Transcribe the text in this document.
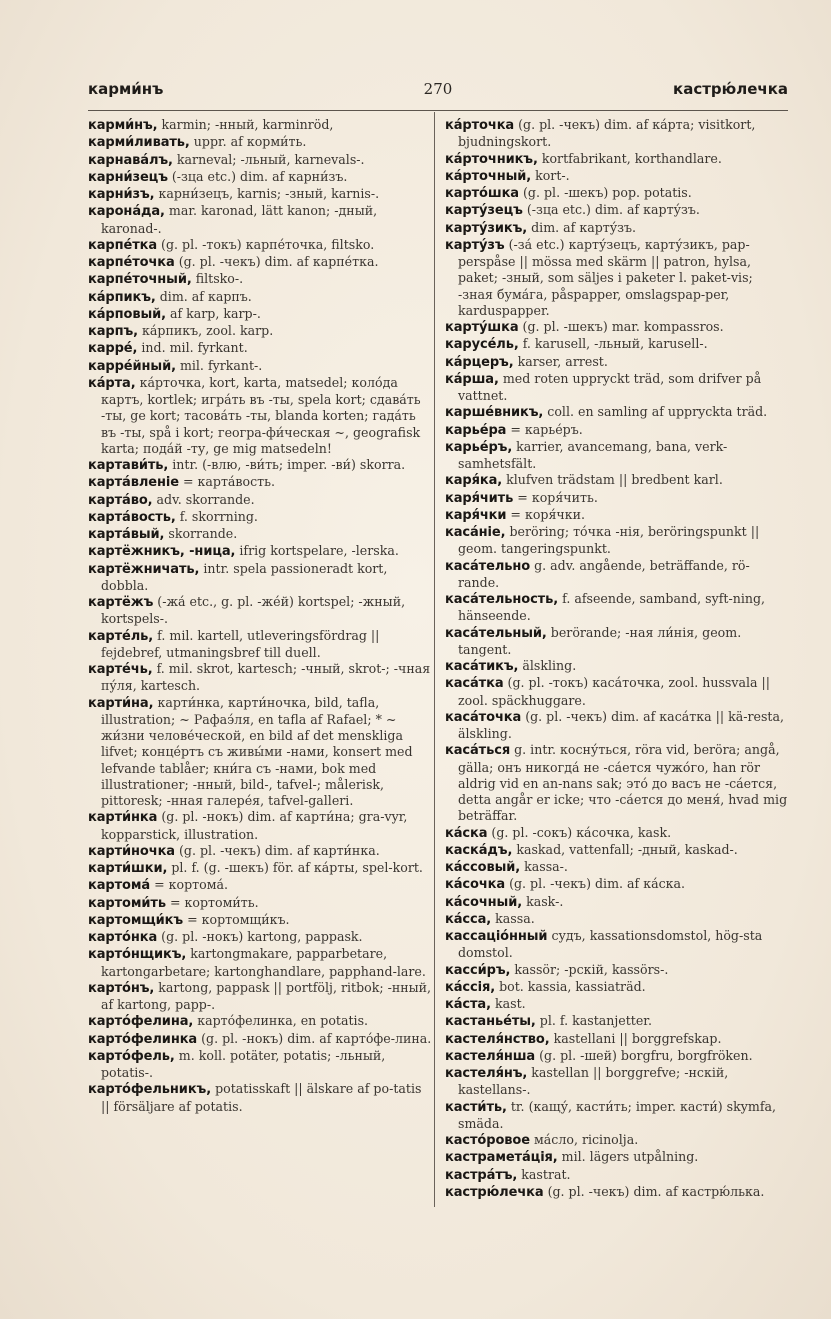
карми́нъ	270	кастрю́лечка

карми́нъ, karmin; -нный, karminröd,

карми́ливать, uppr. af корми́ть.

карнава́лъ, karneval; -льный, karnevals-.

карни́зецъ (-зца etc.) dim. af карни́зъ.

карни́зъ, карни́зецъ, karnis; -зный, karnis-.

карона́да, mar. karonad, lätt kanon; -дный, karonad-.

карпе́тка (g. pl. -токъ) карпе́точка, filtsko.

карпе́точка (g. pl. -чекъ) dim. af карпе́тка.

карпе́точный, filtsko-.

ка́рпикъ, dim. af карпъ.

ка́рповый, af karp, karp-.

карпъ, ка́рпикъ, zool. karp.

карре́, ind. mil. fyrkant.

карре́йный, mil. fyrkant-.

ка́рта, ка́рточка, kort, karta, matsedel; коло́да картъ, kortlek; игра́ть въ -ты, spela kort; сдава́ть -ты, ge kort; тасова́ть -ты, blanda korten; гада́ть въ -ты, spå i kort; геогра-фи́ческая ~, geografisk karta; пода́й -ту, ge mig matsedeln!

картави́ть, intr. (-влю, -ви́ть; imper. -ви́) skorra.

карта́вленіе = карта́вость.

карта́во, adv. skorrande.

карта́вость, f. skorrning.

карта́вый, skorrande.

картёжникъ, -ница, ifrig kortspelare, -lerska.

картёжничать, intr. spela passioneradt kort, dobbla.

картёжъ (-жа́ etc., g. pl. -же́й) kortspel; -жный, kortspels-.

карте́ль, f. mil. kartell, utleveringsfördrag || fejdebref, utmaningsbref till duell.

карте́чь, f. mil. skrot, kartesch; -чный, skrot-; -чная пу́ля, kartesch.

карти́на, карти́нка, карти́ночка, bild, tafla, illustration; ~ Рафаэ́ля, en tafla af Rafael; * ~ жи́зни челове́ческой, en bild af det menskliga lifvet; конце́ртъ съ живы́ми -нами, konsert med lefvande tablåer; кни́га съ -нами, bok med illustrationer; -нный, bild-, tafvel-; målerisk, pittoresk; -нная галере́я, tafvel-galleri.

карти́нка (g. pl. -нокъ) dim. af карти́на; gra-vyr, kopparstick, illustration.

карти́ночка (g. pl. -чекъ) dim. af карти́нка.

карти́шки, pl. f. (g. -шекъ) för. af ка́рты, spel-kort.

картома́ = кортома́.

картоми́ть = кортоми́ть.

картомщи́къ = кортомщи́къ.

карто́нка (g. pl. -нокъ) kartong, pappask.

карто́нщикъ, kartongmakare, papparbetare, kartongarbetare; kartonghandlare, papphand-lare.

карто́нъ, kartong, pappask || portfölj, ritbok; -нный, af kartong, papp-.

карто́фелина, карто́фелинка, en potatis.

карто́фелинка (g. pl. -нокъ) dim. af карто́фе-лина.

карто́фель, m. koll. potäter, potatis; -льный, potatis-.

карто́фельникъ, potatisskaft || älskare af po-tatis || försäljare af potatis.

ка́рточка (g. pl. -чекъ) dim. af ка́рта; visitkort, bjudningskort.

ка́рточникъ, kortfabrikant, korthandlare.

ка́рточный, kort-.

карто́шка (g. pl. -шекъ) pop. potatis.

карту́зецъ (-зца etc.) dim. af карту́зъ.

карту́зикъ, dim. af карту́зъ.

карту́зъ (-за́ etc.) карту́зецъ, карту́зикъ, pap-perspåse || mössa med skärm || patron, hylsa, paket; -зный, som säljes i paketer l. paket-vis; -зная бума́га, påspapper, omslagspap-per, karduspapper.

карту́шка (g. pl. -шекъ) mar. kompassros.

карусе́ль, f. karusell, -льный, karusell-.

ка́рцеръ, karser, arrest.

ка́рша, med roten uppryckt träd, som drifver på vattnet.

карше́вникъ, coll. en samling af uppryckta träd.

карье́ра = карье́ръ.

карье́ръ, karrier, avancemang, bana, verk-samhetsfält.

каря́ка, klufven trädstam || bredbent karl.

каря́чить = коря́чить.

каря́чки = коря́чки.

каса́ніе, beröring; то́чка -нія, beröringspunkt || geom. tangeringspunkt.

каса́тельно g. adv. angående, beträffande, rö-rande.

каса́тельность, f. afseende, samband, syft-ning, hänseende.

каса́тельный, berörande; -ная ли́нія, geom. tangent.

каса́тикъ, älskling.

каса́тка (g. pl. -токъ) каса́точка, zool. hussvala || zool. späckhuggare.

каса́точка (g. pl. -чекъ) dim. af каса́тка || kä-resta, älskling.

каса́ться g. intr. косну́ться, röra vid, beröra; angå, gälla; онъ никогда́ не -са́ется чужо́го, han rör aldrig vid en an-nans sak; это́ до васъ не -са́ется, detta angår er icke; что -са́ется до меня́, hvad mig beträffar.

ка́ска (g. pl. -сокъ) ка́сочка, kask.

каска́дъ, kaskad, vattenfall; -дный, kaskad-.

ка́ссовый, kassa-.

ка́сочка (g. pl. -чекъ) dim. af ка́ска.

ка́сочный, kask-.

ка́сса, kassa.

кассаціо́нный судъ, kassationsdomstol, hög-sta domstol.

касси́ръ, kassör; -рскій, kassörs-.

ка́ссія, bot. kassia, kassiaträd.

ка́ста, kast.

кастанье́ты, pl. f. kastanjetter.

кастеля́нство, kastellani || borggrefskap.

кастеля́нша (g. pl. -шей) borgfru, borgfröken.

кастеля́нъ, kastellan || borggrefve; -нскій, kastellans-.

касти́ть, tr. (кащу́, касти́ть; imper. касти́) skymfa, smäda.

касто́ровое ма́сло, ricinolja.

кастрамета́ція, mil. lägers utpålning.

кастра́тъ, kastrat.

кастрю́лечка (g. pl. -чекъ) dim. af кастрю́лька.
